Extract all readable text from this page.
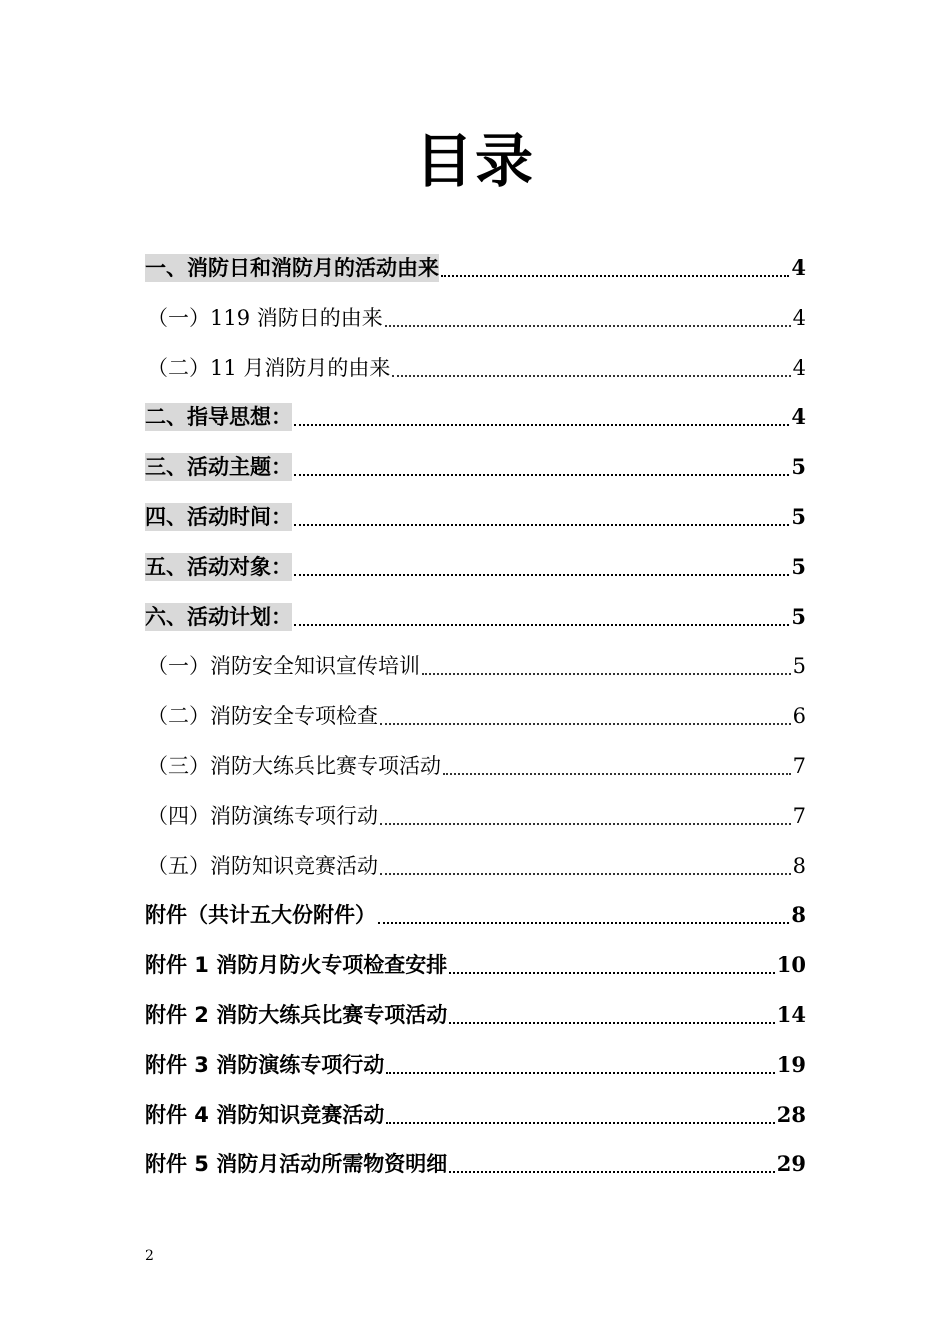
目录
一、消防日和消防月的活动由来	4
（一）119 消防日的由来	4
（二）11 月消防月的由来	4
二、指导思想：	4
三、活动主题：	5
四、活动时间：	5
五、活动对象：	5
六、活动计划：	5
（一）消防安全知识宣传培训	5
（二）消防安全专项检查	6
（三）消防大练兵比赛专项活动	7
（四）消防演练专项行动	7
（五）消防知识竞赛活动	8
附件（共计五大份附件）	8
附件 1 消防月防火专项检查安排	10
附件 2 消防大练兵比赛专项活动	14
附件 3 消防演练专项行动	19
附件 4 消防知识竞赛活动	28
附件 5 消防月活动所需物资明细	29
2
